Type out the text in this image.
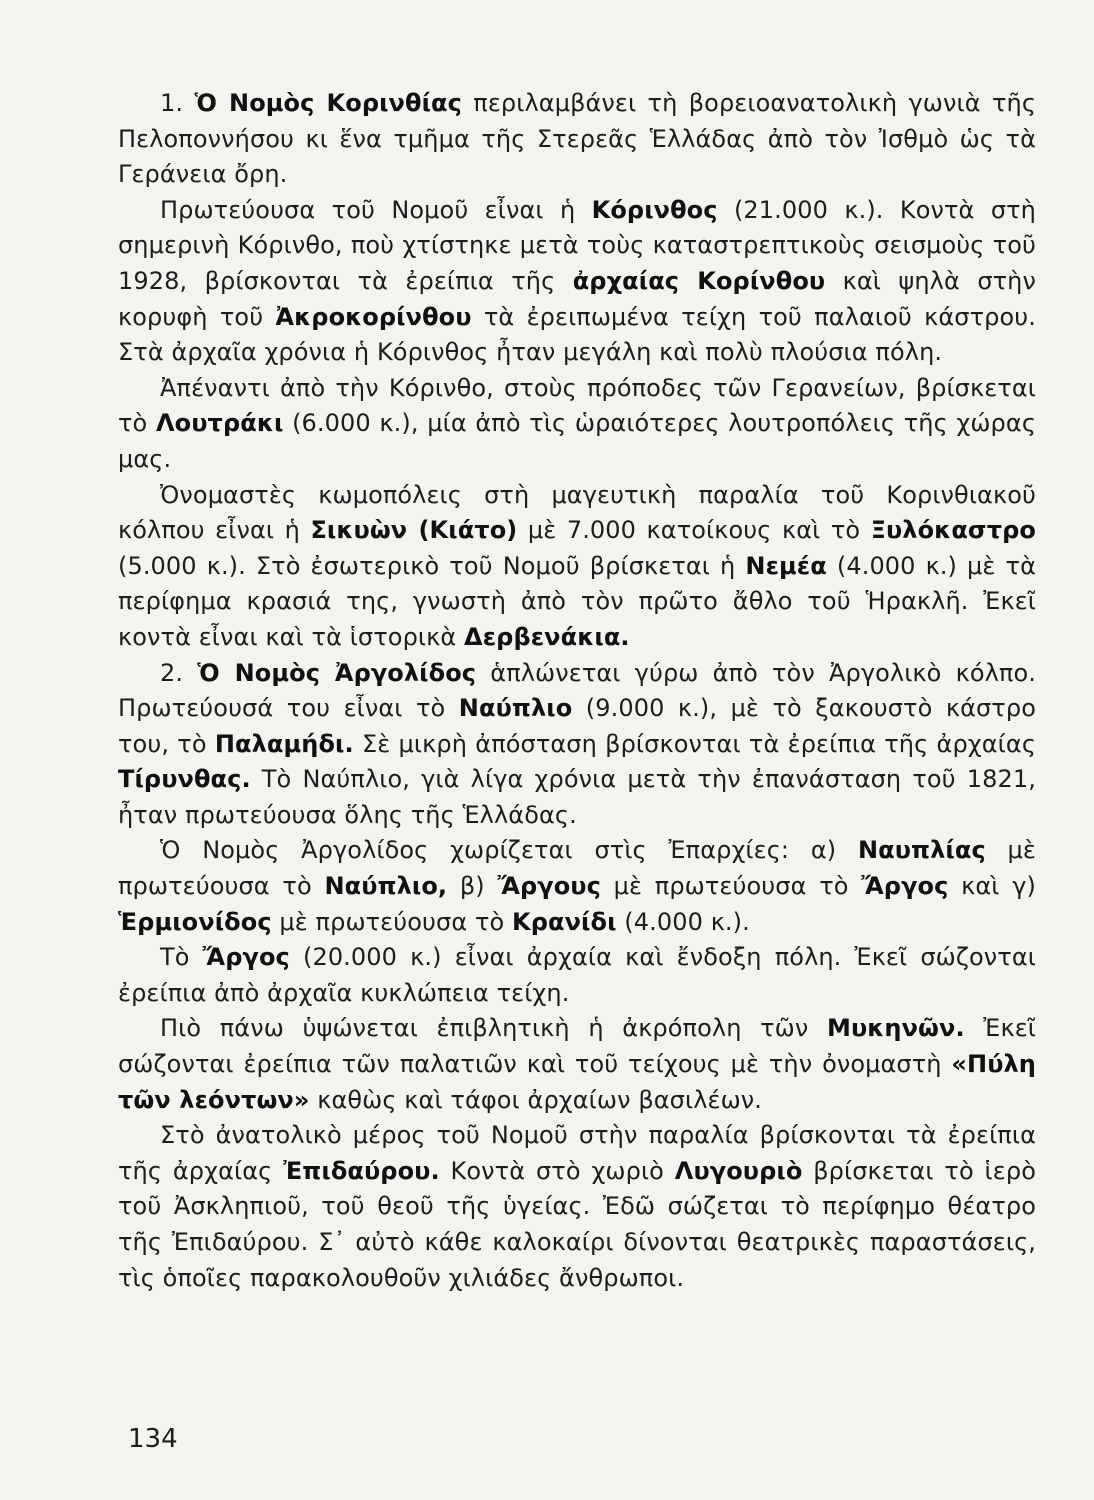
1. Ὁ Νομὸς Κορινθίας περιλαμβάνει τὴ βορειοανατολικὴ γωνιὰ τῆς Πελοποννήσου κι ἕνα τμῆμα τῆς Στερεᾶς Ἑλλάδας ἀπὸ τὸν Ἰσθμὸ ὡς τὰ Γεράνεια ὄρη.

Πρωτεύουσα τοῦ Νομοῦ εἶναι ἡ Κόρινθος (21.000 κ.). Κοντὰ στὴ σημερινὴ Κόρινθο, ποὺ χτίστηκε μετὰ τοὺς καταστρεπτικοὺς σεισμοὺς τοῦ 1928, βρίσκονται τὰ ἐρείπια τῆς ἀρχαίας Κορίνθου καὶ ψηλὰ στὴν κορυφὴ τοῦ Ἀκροκορίνθου τὰ ἐρειπωμένα τείχη τοῦ παλαιοῦ κάστρου. Στὰ ἀρχαῖα χρόνια ἡ Κόρινθος ἦταν μεγάλη καὶ πολὺ πλούσια πόλη.

Ἀπέναντι ἀπὸ τὴν Κόρινθο, στοὺς πρόποδες τῶν Γερανείων, βρίσκεται τὸ Λουτράκι (6.000 κ.), μία ἀπὸ τὶς ὡραιότερες λουτροπόλεις τῆς χώρας μας.

Ὀνομαστὲς κωμοπόλεις στὴ μαγευτικὴ παραλία τοῦ Κορινθιακοῦ κόλπου εἶναι ἡ Σικυὼν (Κιάτο) μὲ 7.000 κατοίκους καὶ τὸ Ξυλόκαστρο (5.000 κ.). Στὸ ἐσωτερικὸ τοῦ Νομοῦ βρίσκεται ἡ Νεμέα (4.000 κ.) μὲ τὰ περίφημα κρασιά της, γνωστὴ ἀπὸ τὸν πρῶτο ἄθλο τοῦ Ἡρακλῆ. Ἐκεῖ κοντὰ εἶναι καὶ τὰ ἱστορικὰ Δερβενάκια.

2. Ὁ Νομὸς Ἀργολίδος ἁπλώνεται γύρω ἀπὸ τὸν Ἀργολικὸ κόλπο. Πρωτεύουσά του εἶναι τὸ Ναύπλιο (9.000 κ.), μὲ τὸ ξακουστὸ κάστρο του, τὸ Παλαμήδι. Σὲ μικρὴ ἀπόσταση βρίσκονται τὰ ἐρείπια τῆς ἀρχαίας Τίρυνθας. Τὸ Ναύπλιο, γιὰ λίγα χρόνια μετὰ τὴν ἐπανάσταση τοῦ 1821, ἦταν πρωτεύουσα ὅλης τῆς Ἑλλάδας.

Ὁ Νομὸς Ἀργολίδος χωρίζεται στὶς Ἐπαρχίες: α) Ναυπλίας μὲ πρωτεύουσα τὸ Ναύπλιο, β) Ἄργους μὲ πρωτεύουσα τὸ Ἄργος καὶ γ) Ἑρμιονίδος μὲ πρωτεύουσα τὸ Κρανίδι (4.000 κ.).

Τὸ Ἄργος (20.000 κ.) εἶναι ἀρχαία καὶ ἔνδοξη πόλη. Ἐκεῖ σώζονται ἐρείπια ἀπὸ ἀρχαῖα κυκλώπεια τείχη.

Πιὸ πάνω ὑψώνεται ἐπιβλητικὴ ἡ ἀκρόπολη τῶν Μυκηνῶν. Ἐκεῖ σώζονται ἐρείπια τῶν παλατιῶν καὶ τοῦ τείχους μὲ τὴν ὀνομαστὴ «Πύλη τῶν λεόντων» καθὼς καὶ τάφοι ἀρχαίων βασιλέων.

Στὸ ἀνατολικὸ μέρος τοῦ Νομοῦ στὴν παραλία βρίσκονται τὰ ἐρείπια τῆς ἀρχαίας Ἐπιδαύρου. Κοντὰ στὸ χωριὸ Λυγουριὸ βρίσκεται τὸ ἱερὸ τοῦ Ἀσκληπιοῦ, τοῦ θεοῦ τῆς ὑγείας. Ἐδῶ σώζεται τὸ περίφημο θέατρο τῆς Ἐπιδαύρου. Σ᾽ αὐτὸ κάθε καλοκαίρι δίνονται θεατρικὲς παραστάσεις, τὶς ὁποῖες παρακολουθοῦν χιλιάδες ἄνθρωποι.

134
